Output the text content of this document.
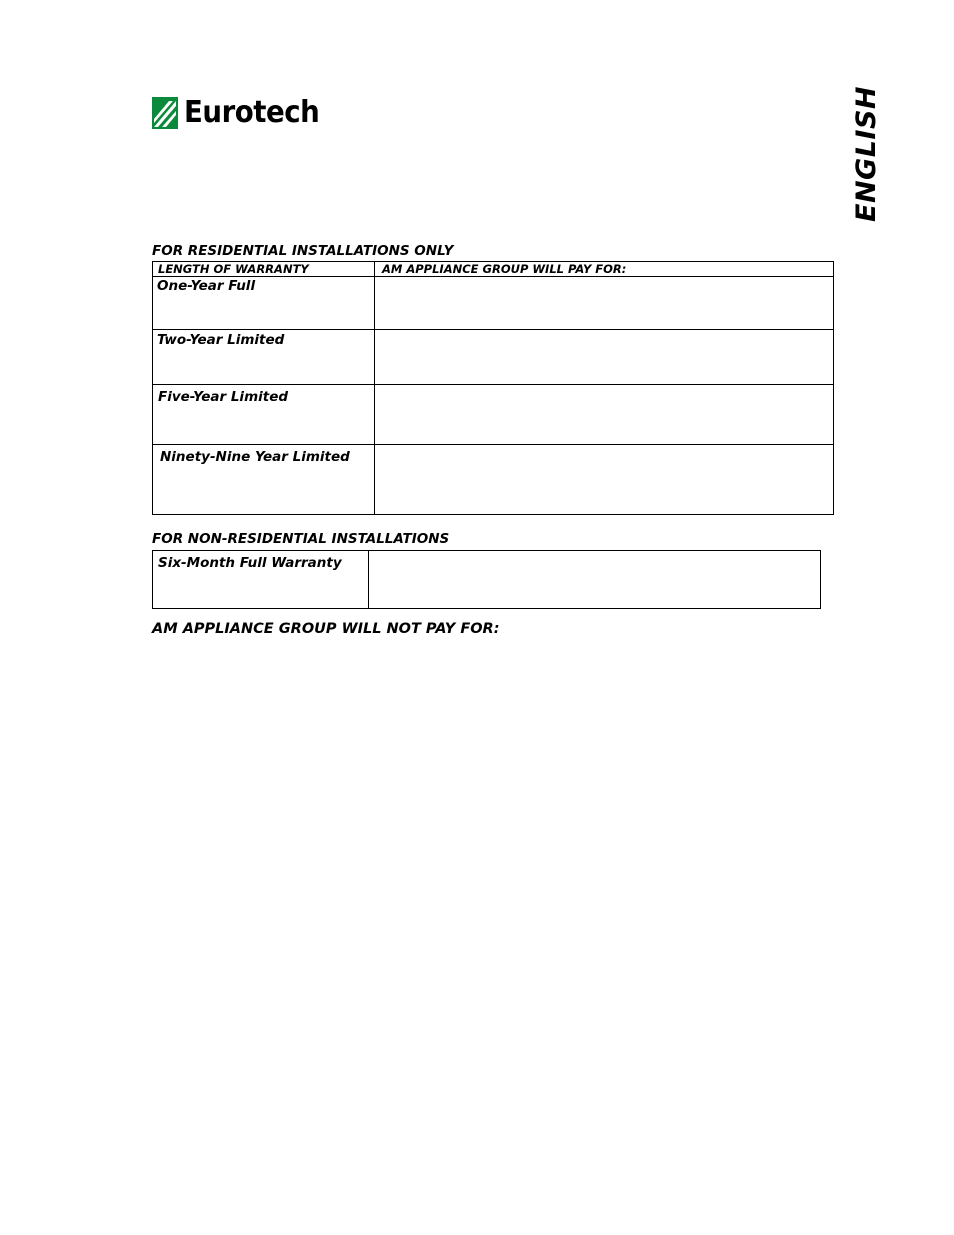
Eurotech	ENGLISH
FOR RESIDENTIAL INSTALLATIONS ONLY
LENGTH OF WARRANTY	AM APPLIANCE GROUP WILL PAY FOR:

One-Year Full	

Two-Year Limited	

Five-Year Limited	

Ninety-Nine Year Limited	

FOR NON-RESIDENTIAL INSTALLATIONS
Six-Month Full Warranty

AM APPLIANCE GROUP WILL NOT PAY FOR:
